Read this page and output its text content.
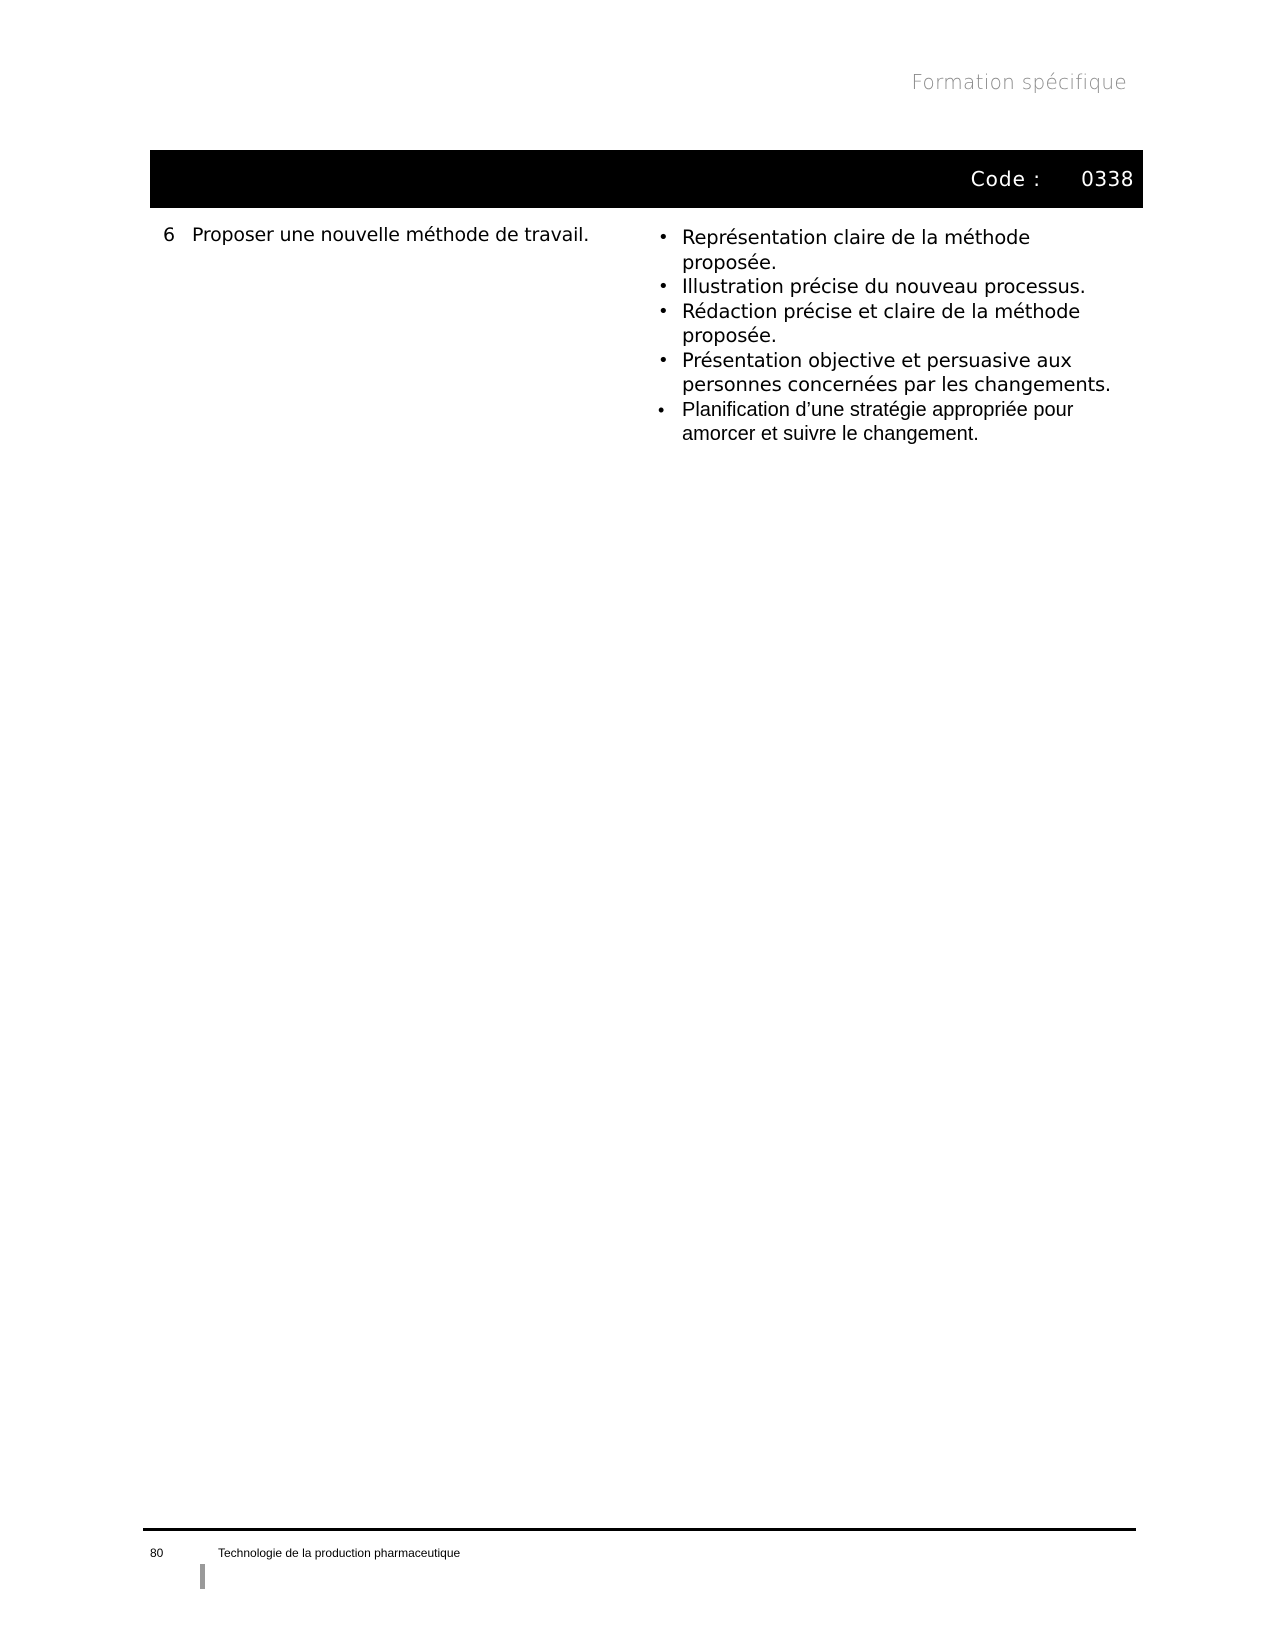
Formation spécifique
Code : 0338
6 Proposer une nouvelle méthode de travail.	• Représentation claire de la méthode proposée.
• Illustration précise du nouveau processus.
• Rédaction précise et claire de la méthode proposée.
• Présentation objective et persuasive aux personnes concernées par les changements.
• Planification d’une stratégie appropriée pour amorcer et suivre le changement.
80	Technologie de la production pharmaceutique
